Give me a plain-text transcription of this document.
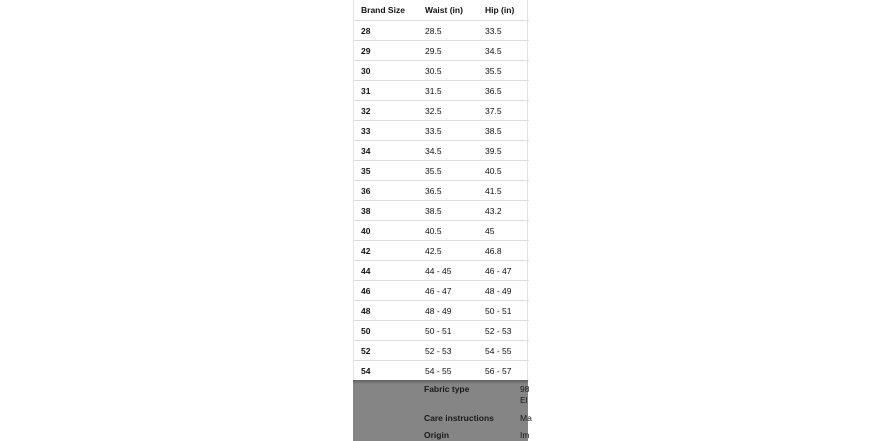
Brand Size	Waist (in)	Hip (in)
28	28.5	33.5
29	29.5	34.5
30	30.5	35.5
31	31.5	36.5
32	32.5	37.5
33	33.5	38.5
34	34.5	39.5
35	35.5	40.5
36	36.5	41.5
38	38.5	43.2
40	40.5	45
42	42.5	46.8
44	44 - 45	46 - 47
46	46 - 47	48 - 49
48	48 - 49	50 - 51
50	50 - 51	52 - 53
52	52 - 53	54 - 55
54	54 - 55	56 - 57
Fabric type	98
El
Care instructions	Ma
Origin	Im
